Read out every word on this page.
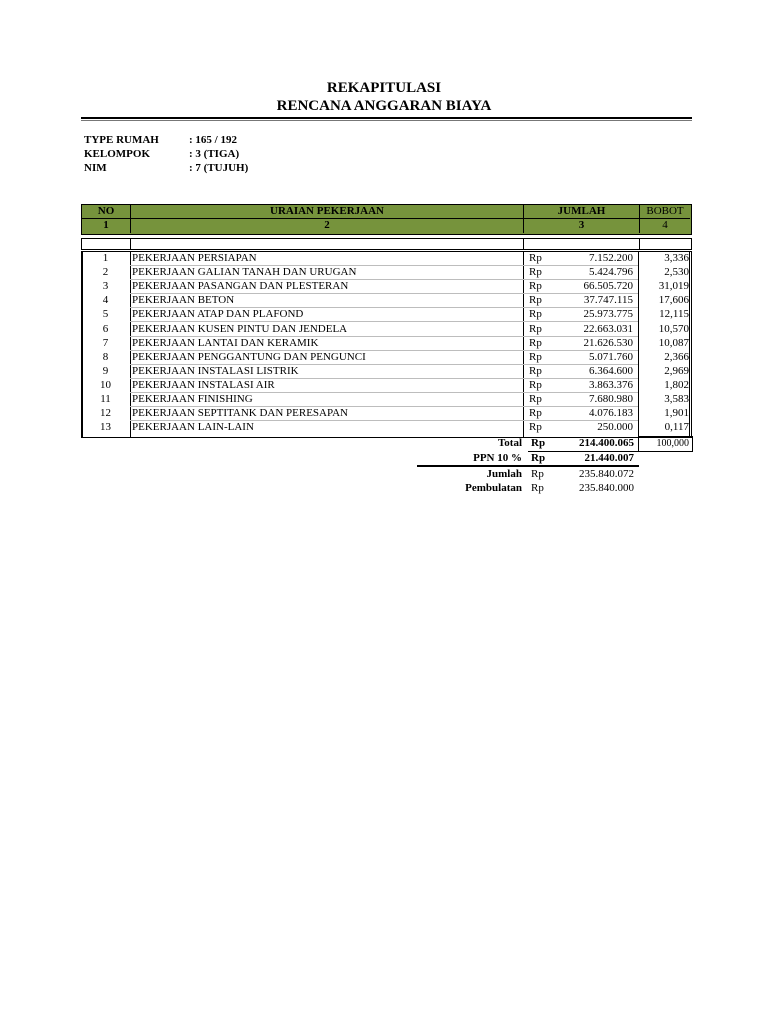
REKAPITULASI
RENCANA ANGGARAN BIAYA
TYPE RUMAH	: 165 / 192
KELOMPOK	: 3 (TIGA)
NIM	: 7 (TUJUH)
NO	URAIAN PEKERJAAN	JUMLAH	BOBOT
1	2	3	4
1	PEKERJAAN PERSIAPAN	Rp	7.152.200	3,336
2	PEKERJAAN GALIAN TANAH DAN URUGAN	Rp	5.424.796	2,530
3	PEKERJAAN PASANGAN DAN PLESTERAN	Rp	66.505.720	31,019
4	PEKERJAAN BETON	Rp	37.747.115	17,606
5	PEKERJAAN ATAP DAN PLAFOND	Rp	25.973.775	12,115
6	PEKERJAAN KUSEN PINTU DAN JENDELA	Rp	22.663.031	10,570
7	PEKERJAAN LANTAI DAN KERAMIK	Rp	21.626.530	10,087
8	PEKERJAAN PENGGANTUNG DAN PENGUNCI	Rp	5.071.760	2,366
9	PEKERJAAN INSTALASI LISTRIK	Rp	6.364.600	2,969
10	PEKERJAAN INSTALASI AIR	Rp	3.863.376	1,802
11	PEKERJAAN FINISHING	Rp	7.680.980	3,583
12	PEKERJAAN SEPTITANK DAN PERESAPAN	Rp	4.076.183	1,901
13	PEKERJAAN LAIN-LAIN	Rp	250.000	0,117
Total Rp	214.400.065	100,000
PPN 10 % Rp	21.440.007
Jumlah Rp	235.840.072
Pembulatan Rp	235.840.000
